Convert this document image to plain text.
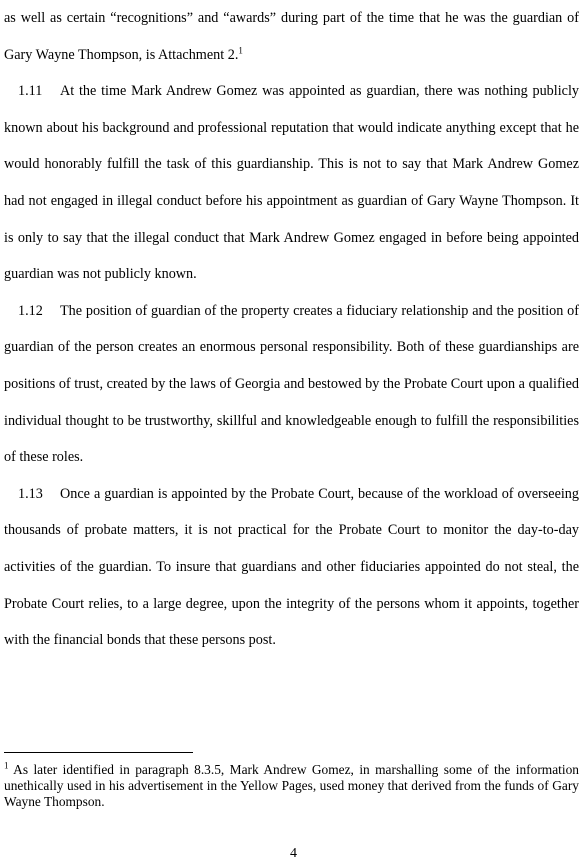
as well as certain “recognitions” and “awards” during part of the time that he was the guardian of Gary Wayne Thompson, is Attachment 2.$^1$

1.11 At the time Mark Andrew Gomez was appointed as guardian, there was nothing publicly known about his background and professional reputation that would indicate anything except that he would honorably fulfill the task of this guardianship. This is not to say that Mark Andrew Gomez had not engaged in illegal conduct before his appointment as guardian of Gary Wayne Thompson. It is only to say that the illegal conduct that Mark Andrew Gomez engaged in before being appointed guardian was not publicly known.

1.12 The position of guardian of the property creates a fiduciary relationship and the position of guardian of the person creates an enormous personal responsibility. Both of these guardianships are positions of trust, created by the laws of Georgia and bestowed by the Probate Court upon a qualified individual thought to be trustworthy, skillful and knowledgeable enough to fulfill the responsibilities of these roles.

1.13 Once a guardian is appointed by the Probate Court, because of the workload of overseeing thousands of probate matters, it is not practical for the Probate Court to monitor the day-to-day activities of the guardian. To insure that guardians and other fiduciaries appointed do not steal, the Probate Court relies, to a large degree, upon the integrity of the persons whom it appoints, together with the financial bonds that these persons post.

$^1$ As later identified in paragraph 8.3.5, Mark Andrew Gomez, in marshalling some of the information unethically used in his advertisement in the Yellow Pages, used money that derived from the funds of Gary Wayne Thompson.
4
